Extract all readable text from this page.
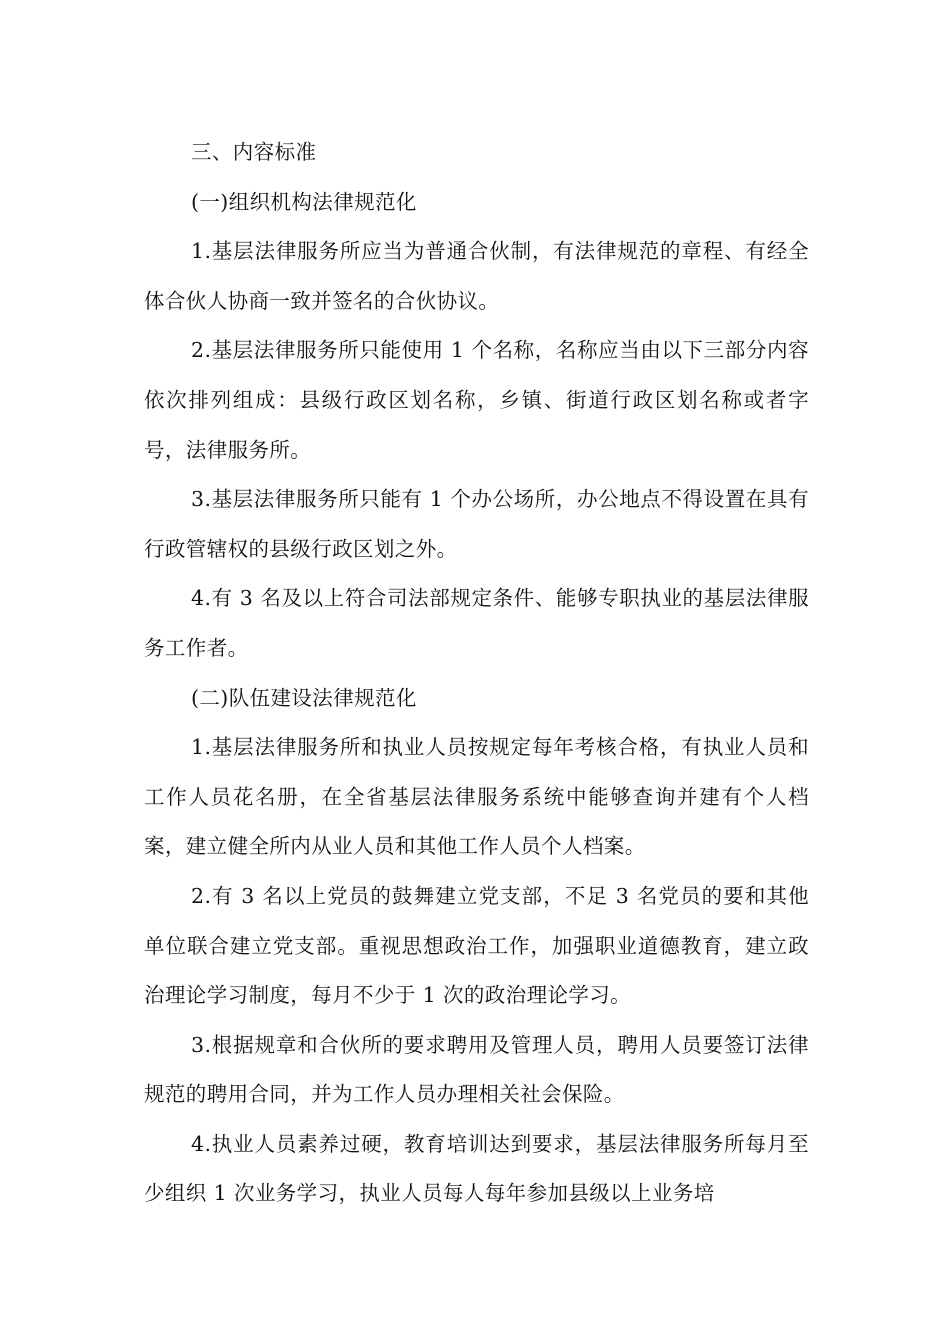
三、内容标准

(一)组织机构法律规范化

1.基层法律服务所应当为普通合伙制，有法律规范的章程、有经全体合伙人协商一致并签名的合伙协议。

2.基层法律服务所只能使用 1 个名称，名称应当由以下三部分内容依次排列组成：县级行政区划名称，乡镇、街道行政区划名称或者字号，法律服务所。

3.基层法律服务所只能有 1 个办公场所，办公地点不得设置在具有行政管辖权的县级行政区划之外。

4.有 3 名及以上符合司法部规定条件、能够专职执业的基层法律服务工作者。

(二)队伍建设法律规范化

1.基层法律服务所和执业人员按规定每年考核合格，有执业人员和工作人员花名册，在全省基层法律服务系统中能够查询并建有个人档案，建立健全所内从业人员和其他工作人员个人档案。

2.有 3 名以上党员的鼓舞建立党支部，不足 3 名党员的要和其他单位联合建立党支部。重视思想政治工作，加强职业道德教育，建立政治理论学习制度，每月不少于 1 次的政治理论学习。

3.根据规章和合伙所的要求聘用及管理人员，聘用人员要签订法律规范的聘用合同，并为工作人员办理相关社会保险。

4.执业人员素养过硬，教育培训达到要求，基层法律服务所每月至少组织 1 次业务学习，执业人员每人每年参加县级以上业务培
